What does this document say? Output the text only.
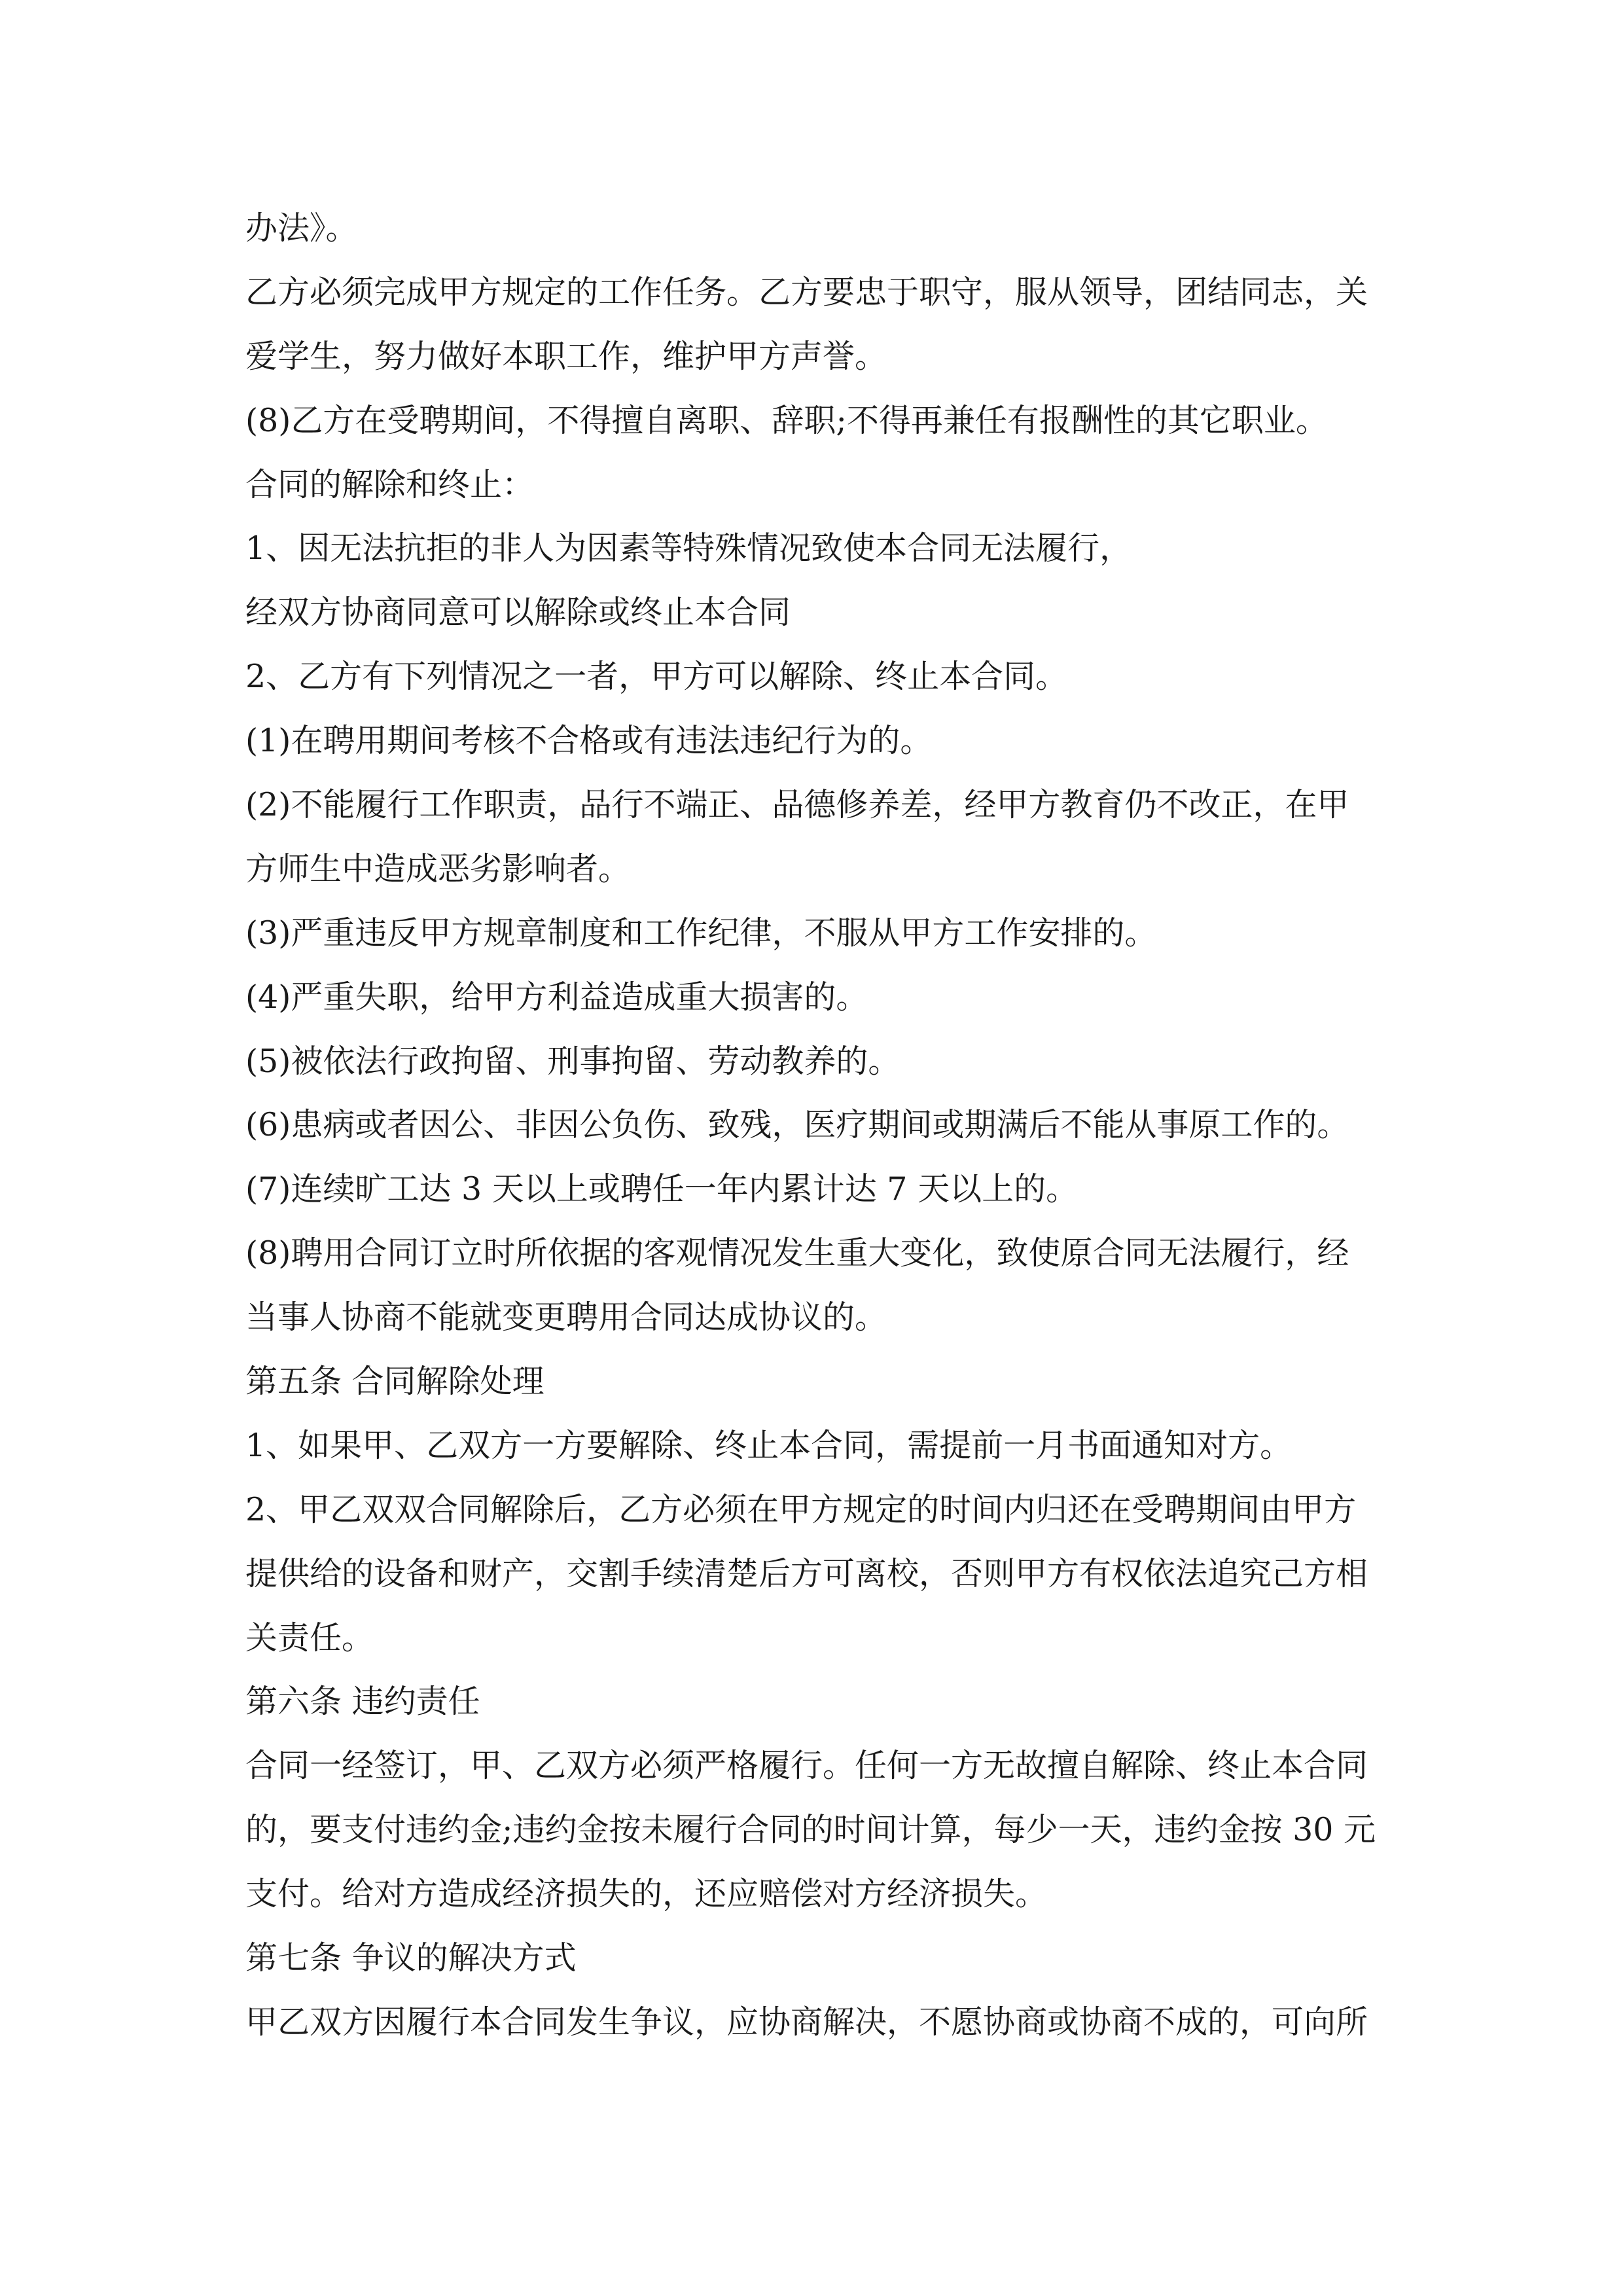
办法》。

乙方必须完成甲方规定的工作任务。乙方要忠于职守，服从领导，团结同志，关

爱学生，努力做好本职工作，维护甲方声誉。

(8)乙方在受聘期间，不得擅自离职、辞职;不得再兼任有报酬性的其它职业。

合同的解除和终止：

1、因无法抗拒的非人为因素等特殊情况致使本合同无法履行，

经双方协商同意可以解除或终止本合同

2、乙方有下列情况之一者，甲方可以解除、终止本合同。

(1)在聘用期间考核不合格或有违法违纪行为的。

(2)不能履行工作职责，品行不端正、品德修养差，经甲方教育仍不改正，在甲

方师生中造成恶劣影响者。

(3)严重违反甲方规章制度和工作纪律，不服从甲方工作安排的。

(4)严重失职，给甲方利益造成重大损害的。

(5)被依法行政拘留、刑事拘留、劳动教养的。

(6)患病或者因公、非因公负伤、致残，医疗期间或期满后不能从事原工作的。

(7)连续旷工达 3 天以上或聘任一年内累计达 7 天以上的。

(8)聘用合同订立时所依据的客观情况发生重大变化，致使原合同无法履行，经

当事人协商不能就变更聘用合同达成协议的。

第五条 合同解除处理

1、如果甲、乙双方一方要解除、终止本合同，需提前一月书面通知对方。

2、甲乙双双合同解除后，乙方必须在甲方规定的时间内归还在受聘期间由甲方

提供给的设备和财产，交割手续清楚后方可离校，否则甲方有权依法追究己方相

关责任。

第六条 违约责任

合同一经签订，甲、乙双方必须严格履行。任何一方无故擅自解除、终止本合同

的，要支付违约金;违约金按未履行合同的时间计算，每少一天，违约金按 30 元

支付。给对方造成经济损失的，还应赔偿对方经济损失。

第七条 争议的解决方式

甲乙双方因履行本合同发生争议，应协商解决，不愿协商或协商不成的，可向所
